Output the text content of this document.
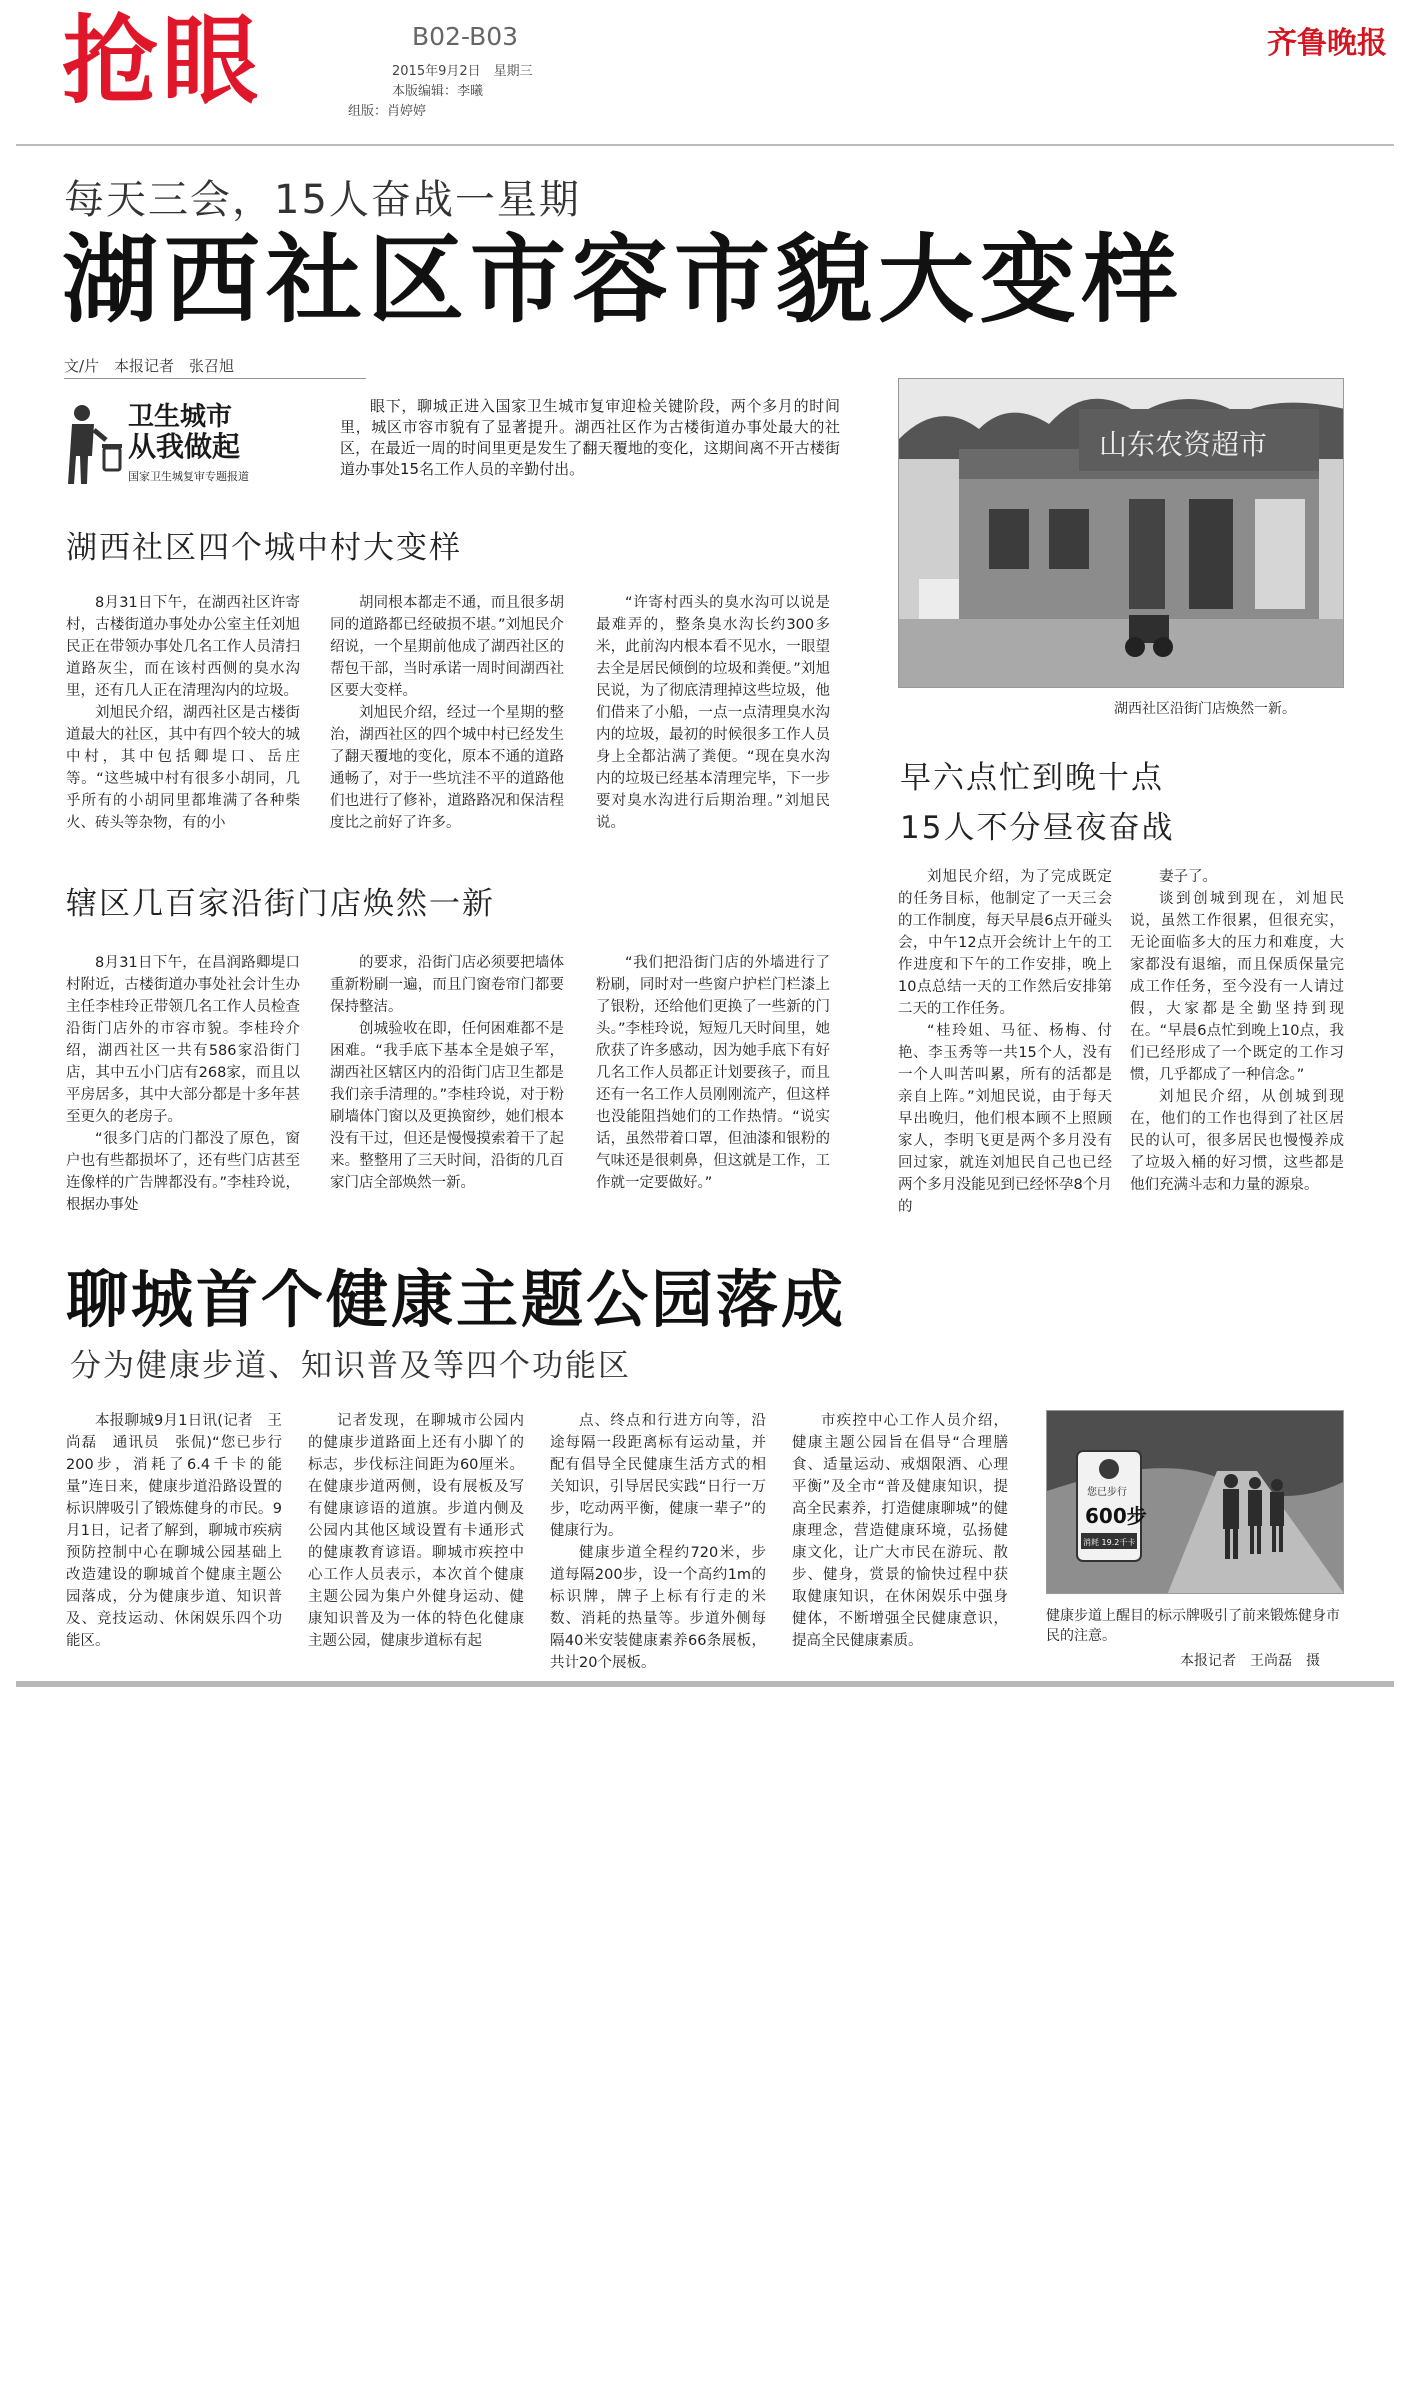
抢眼	B02-B03
2015年9月2日　星期三
本版编辑：李曦
组版：肖婷婷
齐鲁晚报
每天三会，15人奋战一星期
湖西社区市容市貌大变样
文/片　本报记者　张召旭
卫生城市
从我做起
国家卫生城复审专题报道
眼下，聊城正进入国家卫生城市复审迎检关键阶段，两个多月的时间里，城区市容市貌有了显著提升。湖西社区作为古楼街道办事处最大的社区，在最近一周的时间里更是发生了翻天覆地的变化，这期间离不开古楼街道办事处15名工作人员的辛勤付出。
湖西社区四个城中村大变样

8月31日下午，在湖西社区许寄村，古楼街道办事处办公室主任刘旭民正在带领办事处几名工作人员清扫道路灰尘，而在该村西侧的臭水沟里，还有几人正在清理沟内的垃圾。

刘旭民介绍，湖西社区是古楼街道最大的社区，其中有四个较大的城中村，其中包括卿堤口、岳庄等。“这些城中村有很多小胡同，几乎所有的小胡同里都堆满了各种柴火、砖头等杂物，有的小

胡同根本都走不通，而且很多胡同的道路都已经破损不堪。”刘旭民介绍说，一个星期前他成了湖西社区的帮包干部，当时承诺一周时间湖西社区要大变样。

刘旭民介绍，经过一个星期的整治，湖西社区的四个城中村已经发生了翻天覆地的变化，原本不通的道路通畅了，对于一些坑洼不平的道路他们也进行了修补，道路路况和保洁程度比之前好了许多。

“许寄村西头的臭水沟可以说是最难弄的，整条臭水沟长约300多米，此前沟内根本看不见水，一眼望去全是居民倾倒的垃圾和粪便。”刘旭民说，为了彻底清理掉这些垃圾，他们借来了小船，一点一点清理臭水沟内的垃圾，最初的时候很多工作人员身上全都沾满了粪便。“现在臭水沟内的垃圾已经基本清理完毕，下一步要对臭水沟进行后期治理。”刘旭民说。

辖区几百家沿街门店焕然一新

8月31日下午，在昌润路卿堤口村附近，古楼街道办事处社会计生办主任李桂玲正带领几名工作人员检查沿街门店外的市容市貌。李桂玲介绍，湖西社区一共有586家沿街门店，其中五小门店有268家，而且以平房居多，其中大部分都是十多年甚至更久的老房子。

“很多门店的门都没了原色，窗户也有些都损坏了，还有些门店甚至连像样的广告牌都没有。”李桂玲说，根据办事处

的要求，沿街门店必须要把墙体重新粉刷一遍，而且门窗卷帘门都要保持整洁。

创城验收在即，任何困难都不是困难。“我手底下基本全是娘子军，湖西社区辖区内的沿街门店卫生都是我们亲手清理的。”李桂玲说，对于粉刷墙体门窗以及更换窗纱，她们根本没有干过，但还是慢慢摸索着干了起来。整整用了三天时间，沿街的几百家门店全部焕然一新。

“我们把沿街门店的外墙进行了粉刷，同时对一些窗户护栏门栏漆上了银粉，还给他们更换了一些新的门头。”李桂玲说，短短几天时间里，她欣获了许多感动，因为她手底下有好几名工作人员都正计划要孩子，而且还有一名工作人员刚刚流产，但这样也没能阻挡她们的工作热情。“说实话，虽然带着口罩，但油漆和银粉的气味还是很刺鼻，但这就是工作，工作就一定要做好。”

山东农资超市
湖西社区沿街门店焕然一新。
早六点忙到晚十点
15人不分昼夜奋战

刘旭民介绍，为了完成既定的任务目标，他制定了一天三会的工作制度，每天早晨6点开碰头会，中午12点开会统计上午的工作进度和下午的工作安排，晚上10点总结一天的工作然后安排第二天的工作任务。

“桂玲姐、马征、杨梅、付艳、李玉秀等一共15个人，没有一个人叫苦叫累，所有的活都是亲自上阵。”刘旭民说，由于每天早出晚归，他们根本顾不上照顾家人，李明飞更是两个多月没有回过家，就连刘旭民自己也已经两个多月没能见到已经怀孕8个月的

妻子了。

谈到创城到现在，刘旭民说，虽然工作很累，但很充实，无论面临多大的压力和难度，大家都没有退缩，而且保质保量完成工作任务，至今没有一人请过假，大家都是全勤坚持到现在。“早晨6点忙到晚上10点，我们已经形成了一个既定的工作习惯，几乎都成了一种信念。”

刘旭民介绍，从创城到现在，他们的工作也得到了社区居民的认可，很多居民也慢慢养成了垃圾入桶的好习惯，这些都是他们充满斗志和力量的源泉。

聊城首个健康主题公园落成
分为健康步道、知识普及等四个功能区

本报聊城9月1日讯(记者　王尚磊　通讯员　张侃)“您已步行200步，消耗了6.4千卡的能量”连日来，健康步道沿路设置的标识牌吸引了锻炼健身的市民。9月1日，记者了解到，聊城市疾病预防控制中心在聊城公园基础上改造建设的聊城首个健康主题公园落成，分为健康步道、知识普及、竞技运动、休闲娱乐四个功能区。

记者发现，在聊城市公园内的健康步道路面上还有小脚丫的标志，步伐标注间距为60厘米。在健康步道两侧，设有展板及写有健康谚语的道旗。步道内侧及公园内其他区域设置有卡通形式的健康教育谚语。聊城市疾控中心工作人员表示，本次首个健康主题公园为集户外健身运动、健康知识普及为一体的特色化健康主题公园，健康步道标有起

点、终点和行进方向等，沿途每隔一段距离标有运动量，并配有倡导全民健康生活方式的相关知识，引导居民实践“日行一万步，吃动两平衡，健康一辈子”的健康行为。

健康步道全程约720米，步道每隔200步，设一个高约1m的标识牌，牌子上标有行走的米数、消耗的热量等。步道外侧每隔40米安装健康素养66条展板，共计20个展板。

市疾控中心工作人员介绍，健康主题公园旨在倡导“合理膳食、适量运动、戒烟限酒、心理平衡”及全市“普及健康知识，提高全民素养，打造健康聊城”的健康理念，营造健康环境，弘扬健康文化，让广大市民在游玩、散步、健身，赏景的愉快过程中获取健康知识，在休闲娱乐中强身健体，不断增强全民健康意识，提高全民健康素质。

您已步行
600步
消耗 19.2千卡
健康步道上醒目的标示牌吸引了前来锻炼健身市民的注意。
本报记者　王尚磊　摄
